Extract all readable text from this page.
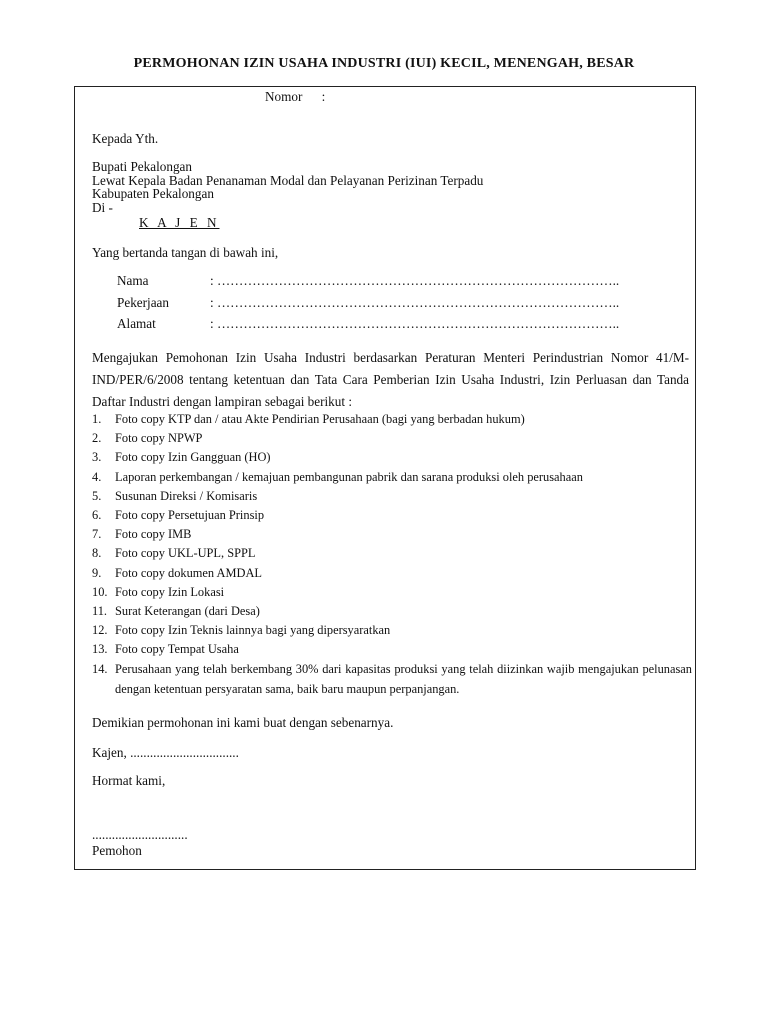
PERMOHONAN IZIN USAHA INDUSTRI (IUI) KECIL, MENENGAH, BESAR
Nomor :
Kepada Yth.
Bupati Pekalongan
Lewat Kepala Badan Penanaman Modal dan Pelayanan Perizinan Terpadu
Kabupaten Pekalongan
Di -
K A J E N
Yang bertanda tangan di bawah ini,
Nama	: ………………………………………………………………………………..
Pekerjaan	: ………………………………………………………………………………..
Alamat	: ………………………………………………………………………………..
Mengajukan Pemohonan Izin Usaha Industri berdasarkan Peraturan Menteri Perindustrian Nomor 41/M-IND/PER/6/2008 tentang ketentuan dan Tata Cara Pemberian Izin Usaha Industri, Izin Perluasan dan Tanda Daftar Industri dengan lampiran sebagai berikut :
1. Foto copy KTP dan / atau Akte Pendirian Perusahaan (bagi yang berbadan hukum)
2. Foto copy NPWP
3. Foto copy Izin Gangguan (HO)
4. Laporan perkembangan / kemajuan pembangunan pabrik dan sarana produksi oleh perusahaan
5. Susunan Direksi / Komisaris
6. Foto copy Persetujuan Prinsip
7. Foto copy IMB
8. Foto copy UKL-UPL, SPPL
9. Foto copy dokumen AMDAL
10. Foto copy Izin Lokasi
11. Surat Keterangan (dari Desa)
12. Foto copy Izin Teknis lainnya bagi yang dipersyaratkan
13. Foto copy Tempat Usaha
14. Perusahaan yang telah berkembang 30% dari kapasitas produksi yang telah diizinkan wajib mengajukan pelunasan dengan ketentuan persyaratan sama, baik baru maupun perpanjangan.
Demikian permohonan ini kami buat dengan sebenarnya.
Kajen, .................................
Hormat kami,
.............................
Pemohon
